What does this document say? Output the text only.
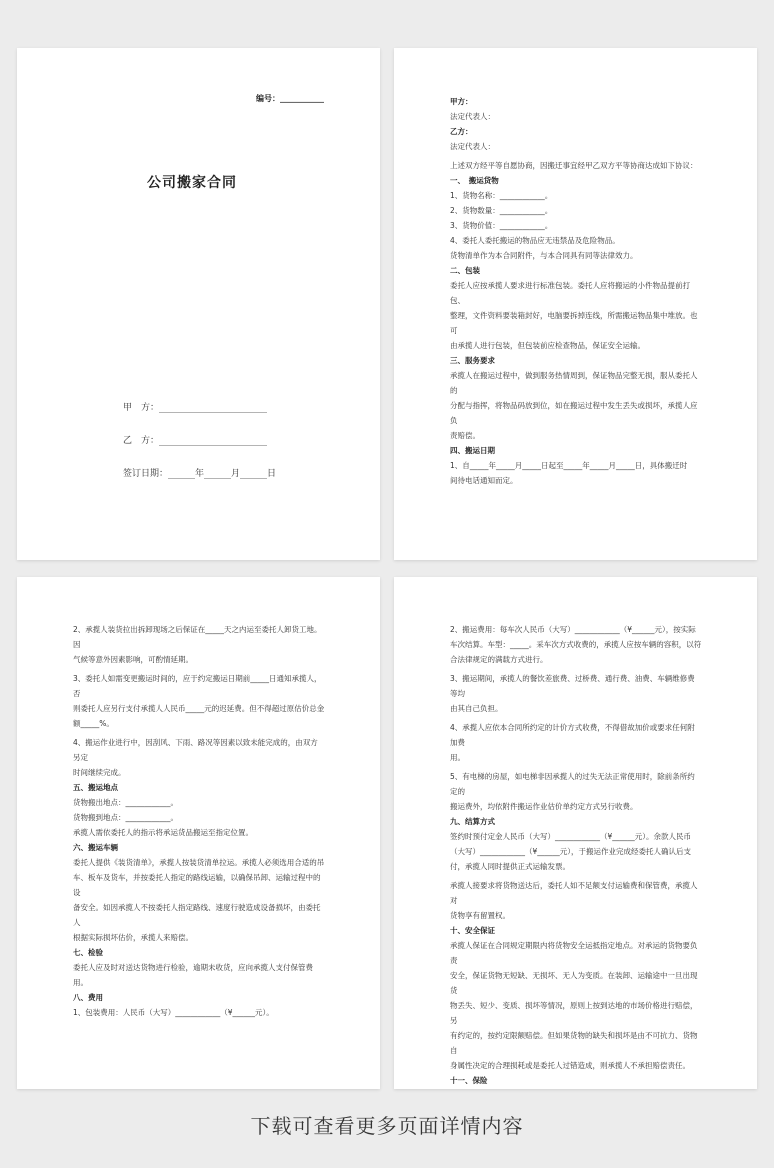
编号：___________
公司搬家合同
甲　方：________________________
乙　方：________________________
签订日期：______年______月______日

甲方：

法定代表人：

乙方：

法定代表人：

上述双方经平等自愿协商，因搬迁事宜经甲乙双方平等协商达成如下协议：

一、　搬运货物

1、货物名称：____________。

2、货物数量：____________。

3、货物价值：____________。

4、委托人委托搬运的物品应无违禁品及危险物品。

货物清单作为本合同附件，与本合同具有同等法律效力。

二、包装

委托人应按承揽人要求进行标准包装。委托人应将搬运的小件物品提前打包、

整理，文件资料要装箱封好，电脑要拆掉连线，所需搬运物品集中堆放。也可

由承揽人进行包装，但包装前应检查物品，保证安全运输。

三、服务要求

承揽人在搬运过程中，做到服务热情周到，保证物品完整无损，服从委托人的

分配与指挥，将物品码放到位，如在搬运过程中发生丢失或损坏，承揽人应负

责赔偿。

四、搬运日期

1、自_____年_____月_____日起至_____年_____月_____日，具体搬迁时

间待电话通知而定。

2、承揽人装货拉出拆卸现场之后保证在_____天之内运至委托人卸货工地。因

气候等意外因素影响，可酌情延期。

3、委托人如需变更搬运时间的，应于约定搬运日期前_____日通知承揽人，否

则委托人应另行支付承揽人人民币_____元的迟延费。但不得超过原估价总金

额_____%。

4、搬运作业进行中，因刮风、下雨、路况等因素以致未能完成的，由双方另定

时间继续完成。

五、搬运地点

货物搬出地点：____________。

货物搬到地点：____________。

承揽人需依委托人的指示将承运货品搬运至指定位置。

六、搬运车辆

委托人提供《装货清单》，承揽人按装货清单拉运。承揽人必须选用合适的吊

车、板车及货车，并按委托人指定的路线运输，以确保吊卸、运输过程中的设

备安全。如因承揽人不按委托人指定路线、速度行驶造成设备损坏，由委托人

根据实际损坏估价，承揽人来赔偿。

七、检验

委托人应及时对送达货物进行检验，逾期未收货，应向承揽人支付保管费用。

八、费用

1、包装费用：人民币（大写）____________（¥______元）。

2、搬运费用：每车次人民币（大写）____________（¥______元），按实际

车次结算。车型：_____。采车次方式收费的，承揽人应按车辆的容积，以符

合法律规定的满载方式进行。

3、搬运期间，承揽人的餐饮差旅费、过桥费、通行费、油费、车辆维修费等均

由其自己负担。

4、承揽人应依本合同所约定的计价方式收费，不得借故加价或要求任何附加费

用。

5、有电梯的房屋，如电梯非因承揽人的过失无法正常使用时，除前条所约定的

搬运费外，均依附件搬运作业估价单约定方式另行收费。

九、结算方式

签约时预付定金人民币（大写）____________（¥______元）。余款人民币

（大写）____________（¥______元），于搬运作业完成经委托人确认后支

付，承揽人同时提供正式运输发票。

承揽人接要求将货物送达后，委托人如不足额支付运输费和保管费，承揽人对

货物享有留置权。

十、安全保证

承揽人保证在合同规定期限内将货物安全运抵指定地点。对承运的货物要负责

安全，保证货物无短缺、无损坏、无人为变质。在装卸、运输途中一旦出现货

物丢失、短少、变质、损坏等情况，原则上按到达地的市场价格进行赔偿，另

有约定的，按约定限额赔偿。但如果货物的缺失和损坏是由不可抗力、货物自

身属性决定的合理损耗或是委托人过错造成，则承揽人不承担赔偿责任。

十一、保险

下载可查看更多页面详情内容
